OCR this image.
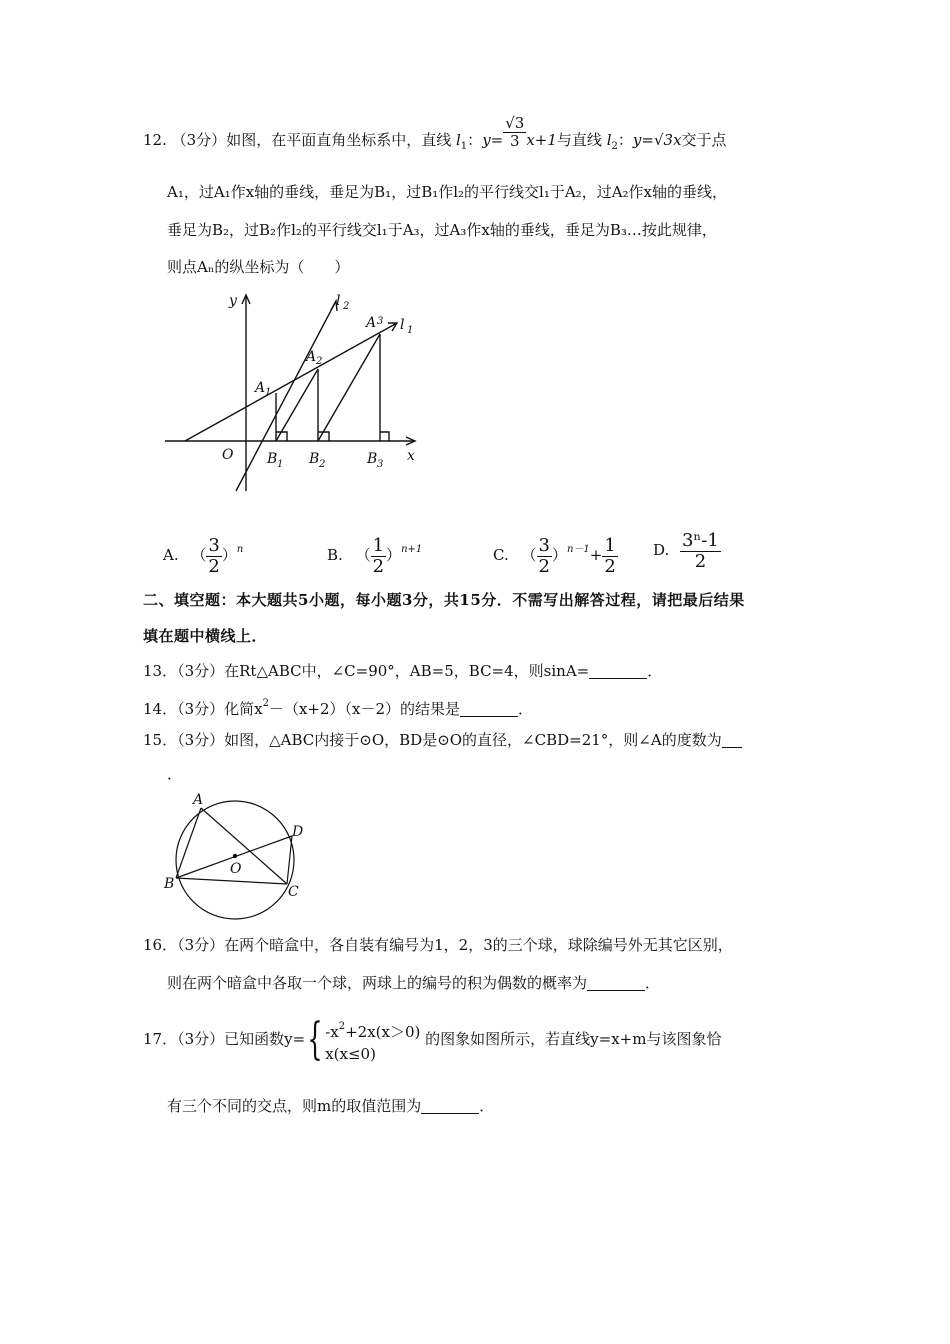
12. （3分）如图，在平面直角坐标系中，直线 $l_1$：$y= \frac{√3}{3} x+1$与直线 $l_2$：y=√3x交于点
A₁，过A₁作x轴的垂线，垂足为B₁，过B₁作l₂的平行线交l₁于A₂，过A₂作x轴的垂线，
垂足为B₂，过B₂作l₂的平行线交l₁于A₃，过A₃作x轴的垂线，垂足为B₃…按此规律，
则点Aₙ的纵坐标为（　　）
y
x
O
l 2
l 1
A 1
A 2
A 3
B 1 B 2	B 3
A. （ $\frac{3}{2} )^n$	B. （ $\frac{1}{2} )^{n+1}$	C. （ $\frac{3}{2} )^{n-1}+ \frac{1}{2} D$. $\frac{\text{3ⁿ-1}}{2}$
二、填空题：本大题共5小题，每小题3分，共15分．不需写出解答过程，请把最后结果
填在题中横线上．
13．（3分）在Rt△ABC中，∠C=90°，AB=5，BC=4，则sinA=	．
14．（3分）化简$x^2-(x+2)(x-2)$的结果是	．
15．（3分）如图，△ABC内接于⊙O，BD是⊙O的直径，∠CBD=21°，则∠A的度数为
．
A
B	C
D
O
16．（3分）在两个暗盒中，各自装有编号为1，2，3的三个球，球除编号外无其它区别，
则在两个暗盒中各取一个球，两球上的编号的积为偶数的概率为	．
17．（3分）已知函数y={ $-x^2+2x(x>0)$
x(x≤0)
的图象如图所示，若直线y=x+m与该图象恰
有三个不同的交点，则m的取值范围为	．
